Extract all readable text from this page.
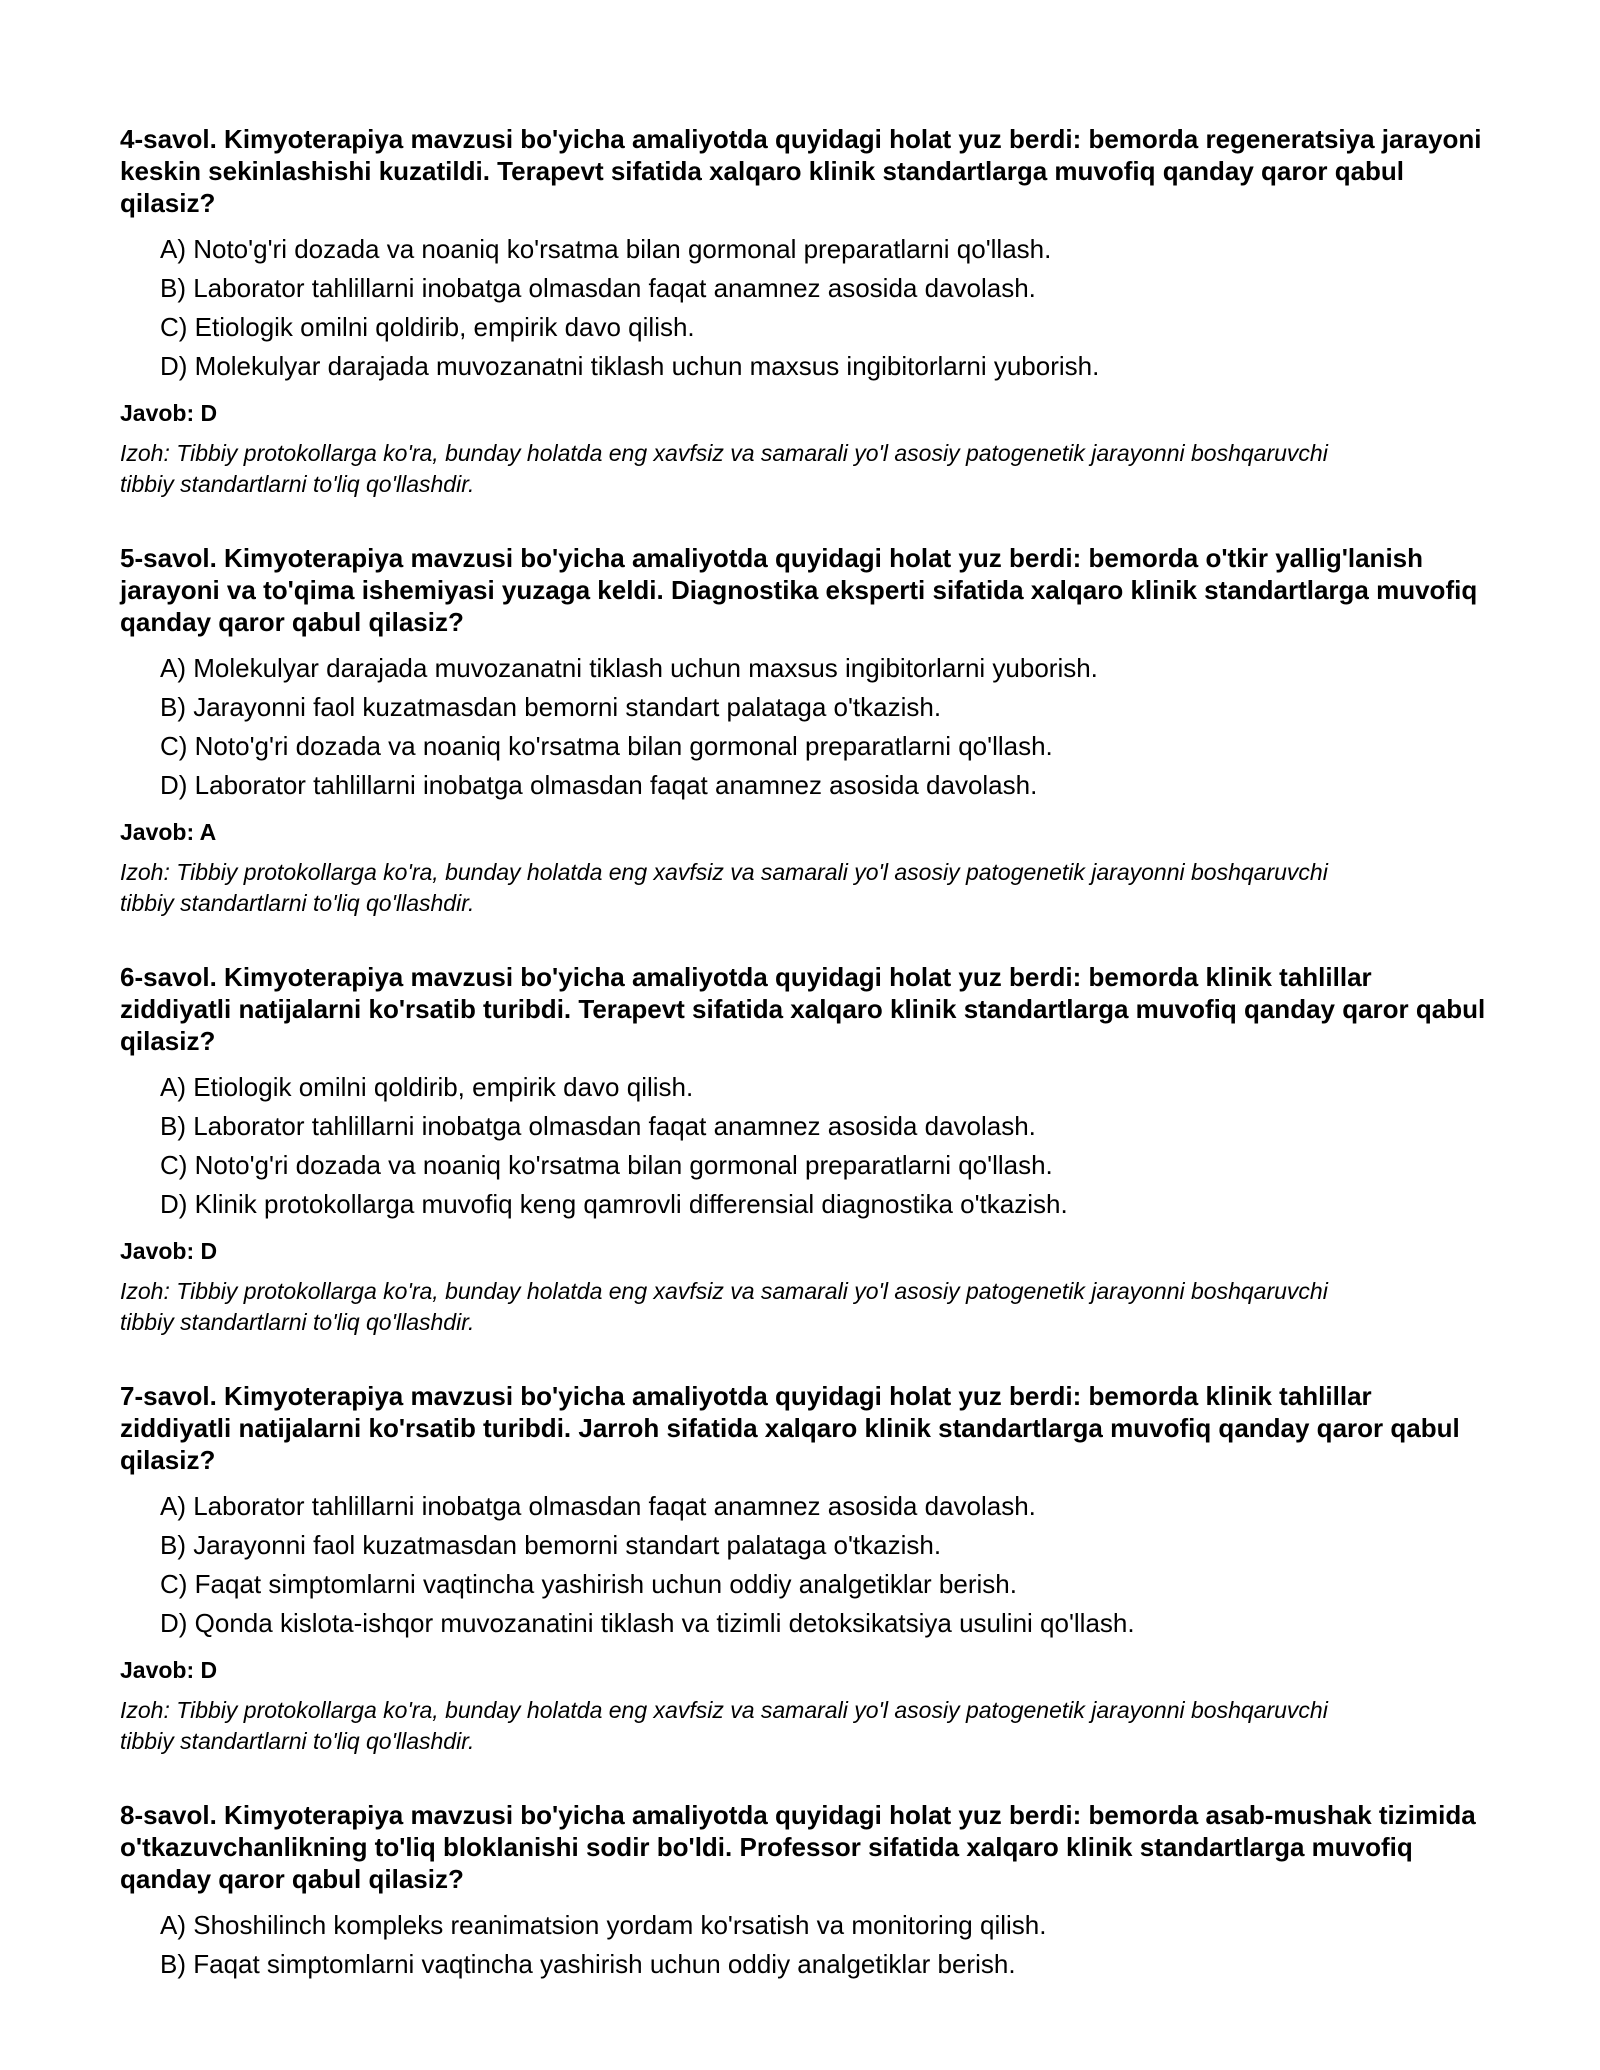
4-savol. Kimyoterapiya mavzusi bo'yicha amaliyotda quyidagi holat yuz berdi: bemorda regeneratsiya jarayoni keskin sekinlashishi kuzatildi. Terapevt sifatida xalqaro klinik standartlarga muvofiq qanday qaror qabul qilasiz?
A) Noto'g'ri dozada va noaniq ko'rsatma bilan gormonal preparatlarni qo'llash.
B) Laborator tahlillarni inobatga olmasdan faqat anamnez asosida davolash.
C) Etiologik omilni qoldirib, empirik davo qilish.
D) Molekulyar darajada muvozanatni tiklash uchun maxsus ingibitorlarni yuborish.
Javob: D

Izoh: Tibbiy protokollarga ko'ra, bunday holatda eng xavfsiz va samarali yo'l asosiy patogenetik jarayonni boshqaruvchi tibbiy standartlarni to'liq qo'llashdir.

5-savol. Kimyoterapiya mavzusi bo'yicha amaliyotda quyidagi holat yuz berdi: bemorda o'tkir yallig'lanish jarayoni va to'qima ishemiyasi yuzaga keldi. Diagnostika eksperti sifatida xalqaro klinik standartlarga muvofiq qanday qaror qabul qilasiz?
A) Molekulyar darajada muvozanatni tiklash uchun maxsus ingibitorlarni yuborish.
B) Jarayonni faol kuzatmasdan bemorni standart palataga o'tkazish.
C) Noto'g'ri dozada va noaniq ko'rsatma bilan gormonal preparatlarni qo'llash.
D) Laborator tahlillarni inobatga olmasdan faqat anamnez asosida davolash.
Javob: A

Izoh: Tibbiy protokollarga ko'ra, bunday holatda eng xavfsiz va samarali yo'l asosiy patogenetik jarayonni boshqaruvchi tibbiy standartlarni to'liq qo'llashdir.

6-savol. Kimyoterapiya mavzusi bo'yicha amaliyotda quyidagi holat yuz berdi: bemorda klinik tahlillar ziddiyatli natijalarni ko'rsatib turibdi. Terapevt sifatida xalqaro klinik standartlarga muvofiq qanday qaror qabul qilasiz?
A) Etiologik omilni qoldirib, empirik davo qilish.
B) Laborator tahlillarni inobatga olmasdan faqat anamnez asosida davolash.
C) Noto'g'ri dozada va noaniq ko'rsatma bilan gormonal preparatlarni qo'llash.
D) Klinik protokollarga muvofiq keng qamrovli differensial diagnostika o'tkazish.
Javob: D

Izoh: Tibbiy protokollarga ko'ra, bunday holatda eng xavfsiz va samarali yo'l asosiy patogenetik jarayonni boshqaruvchi tibbiy standartlarni to'liq qo'llashdir.

7-savol. Kimyoterapiya mavzusi bo'yicha amaliyotda quyidagi holat yuz berdi: bemorda klinik tahlillar ziddiyatli natijalarni ko'rsatib turibdi. Jarroh sifatida xalqaro klinik standartlarga muvofiq qanday qaror qabul qilasiz?
A) Laborator tahlillarni inobatga olmasdan faqat anamnez asosida davolash.
B) Jarayonni faol kuzatmasdan bemorni standart palataga o'tkazish.
C) Faqat simptomlarni vaqtincha yashirish uchun oddiy analgetiklar berish.
D) Qonda kislota-ishqor muvozanatini tiklash va tizimli detoksikatsiya usulini qo'llash.
Javob: D

Izoh: Tibbiy protokollarga ko'ra, bunday holatda eng xavfsiz va samarali yo'l asosiy patogenetik jarayonni boshqaruvchi tibbiy standartlarni to'liq qo'llashdir.

8-savol. Kimyoterapiya mavzusi bo'yicha amaliyotda quyidagi holat yuz berdi: bemorda asab-mushak tizimida o'tkazuvchanlikning to'liq bloklanishi sodir bo'ldi. Professor sifatida xalqaro klinik standartlarga muvofiq qanday qaror qabul qilasiz?
A) Shoshilinch kompleks reanimatsion yordam ko'rsatish va monitoring qilish.
B) Faqat simptomlarni vaqtincha yashirish uchun oddiy analgetiklar berish.
